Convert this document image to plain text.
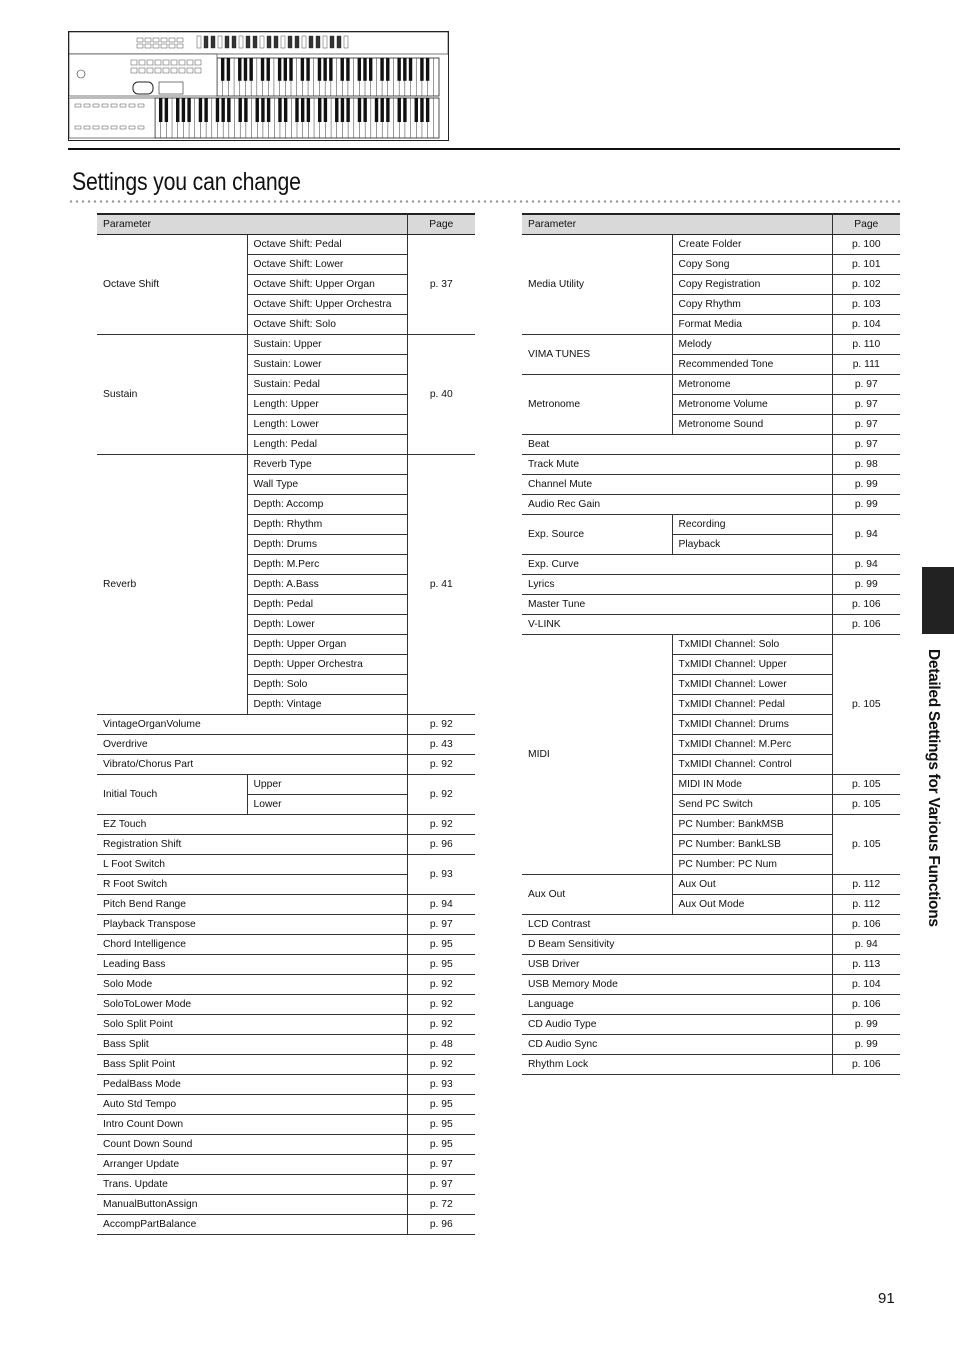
Settings you can change
Parameter		Page
Octave Shift	Octave Shift: Pedal	p. 37
	Octave Shift: Lower	
	Octave Shift: Upper Organ	
	Octave Shift: Upper Orchestra	
	Octave Shift: Solo	
Sustain	Sustain: Upper	p. 40
	Sustain: Lower	
	Sustain: Pedal	
	Length: Upper	
	Length: Lower	
	Length: Pedal	
Reverb	Reverb Type	p. 41
	Wall Type	
	Depth: Accomp	
	Depth: Rhythm	
	Depth: Drums	
	Depth: M.Perc	
	Depth: A.Bass	
	Depth: Pedal	
	Depth: Lower	
	Depth: Upper Organ	
	Depth: Upper Orchestra	
	Depth: Solo	
	Depth: Vintage	
VintageOrganVolume		p. 92
Overdrive		p. 43
Vibrato/Chorus Part		p. 92
Initial Touch	Upper	p. 92
	Lower	
EZ Touch		p. 92
Registration Shift		p. 96
L Foot Switch		p. 93
R Foot Switch		
Pitch Bend Range		p. 94
Playback Transpose		p. 97
Chord Intelligence		p. 95
Leading Bass		p. 95
Solo Mode		p. 92
SoloToLower Mode		p. 92
Solo Split Point		p. 92
Bass Split		p. 48
Bass Split Point		p. 92
PedalBass Mode		p. 93
Auto Std Tempo		p. 95
Intro Count Down		p. 95
Count Down Sound		p. 95
Arranger Update		p. 97
Trans. Update		p. 97
ManualButtonAssign		p. 72
AccompPartBalance		p. 96
Parameter		Page
Media Utility	Create Folder	p. 100
	Copy Song	p. 101
	Copy Registration	p. 102
	Copy Rhythm	p. 103
	Format Media	p. 104
VIMA TUNES	Melody	p. 110
	Recommended Tone	p. 111
Metronome	Metronome	p. 97
	Metronome Volume	p. 97
	Metronome Sound	p. 97
Beat		p. 97
Track Mute		p. 98
Channel Mute		p. 99
Audio Rec Gain		p. 99
Exp. Source	Recording	p. 94
	Playback	
Exp. Curve		p. 94
Lyrics		p. 99
Master Tune		p. 106
V-LINK		p. 106
MIDI	TxMIDI Channel: Solo	p. 105
	TxMIDI Channel: Upper	
	TxMIDI Channel: Lower	
	TxMIDI Channel: Pedal	
	TxMIDI Channel: Drums	
	TxMIDI Channel: M.Perc	
	TxMIDI Channel: Control	
	MIDI IN Mode	p. 105
	Send PC Switch	p. 105
	PC Number: BankMSB	p. 105
	PC Number: BankLSB	
	PC Number: PC Num	
Aux Out	Aux Out	p. 112
	Aux Out Mode	p. 112
LCD Contrast		p. 106
D Beam Sensitivity		p. 94
USB Driver		p. 113
USB Memory Mode		p. 104
Language		p. 106
CD Audio Type		p. 99
CD Audio Sync		p. 99
Rhythm Lock		p. 106
Detailed Settings for Various Functions
91
